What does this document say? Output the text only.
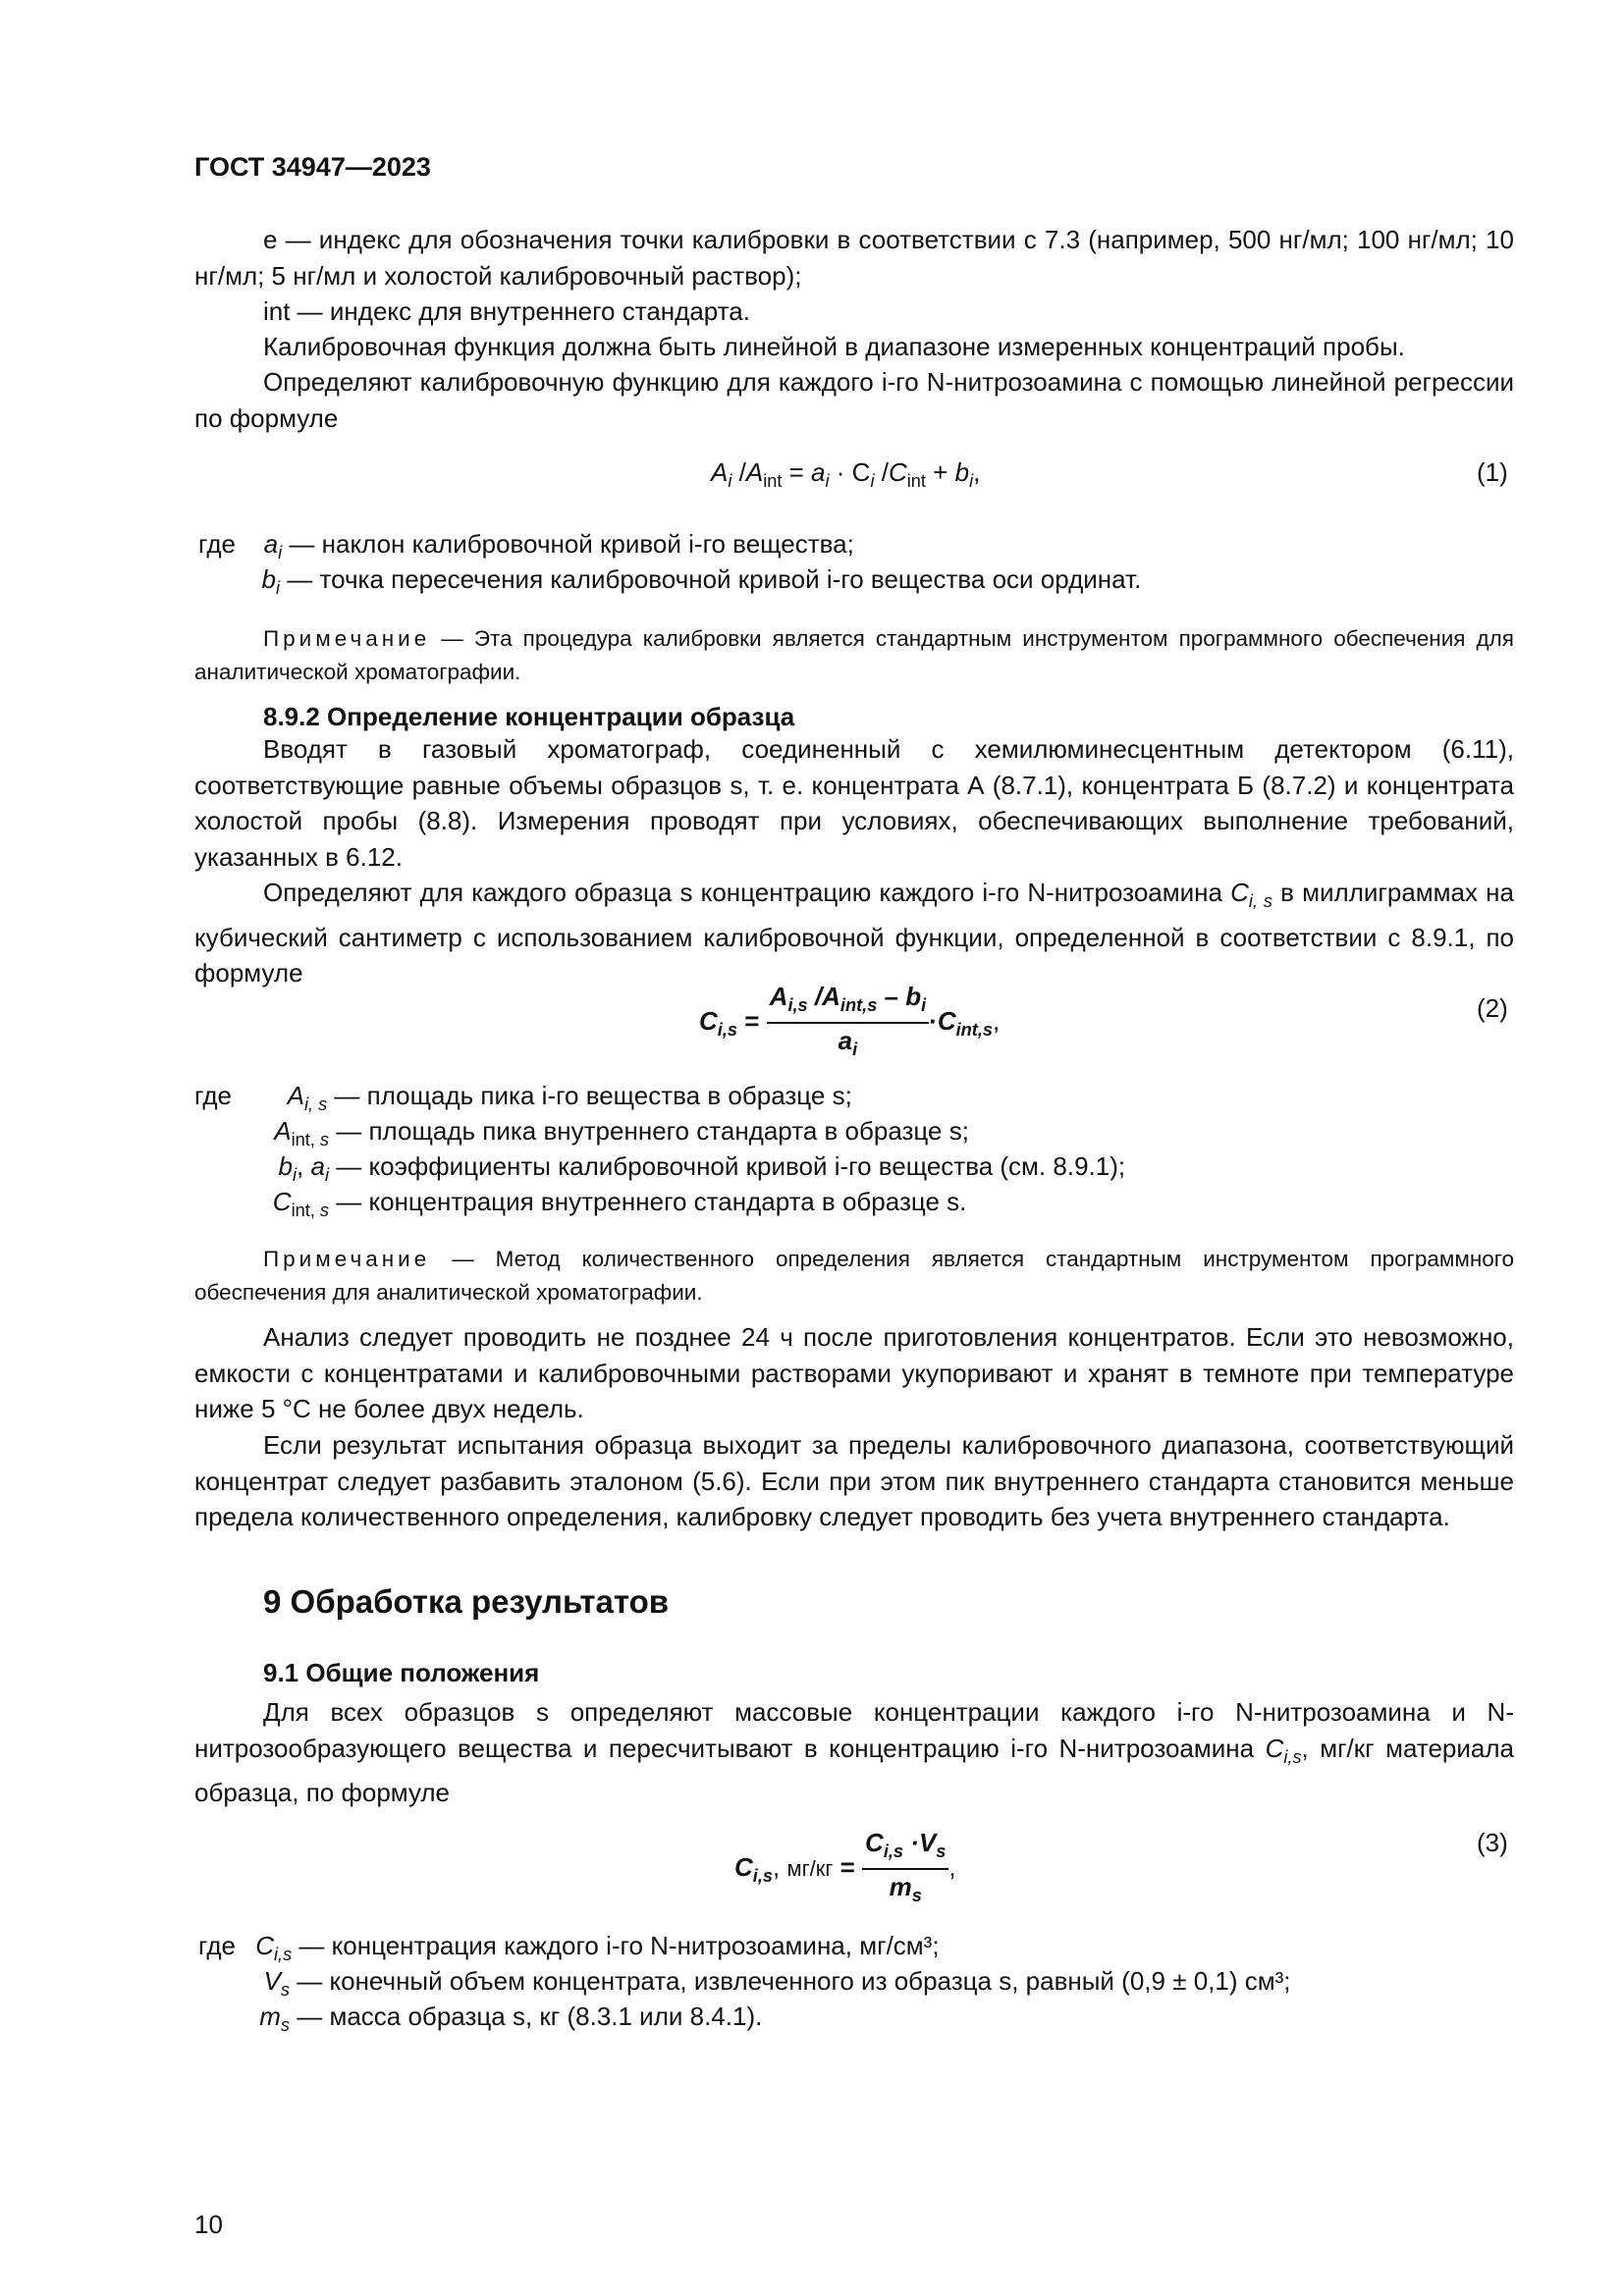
ГОСТ 34947—2023

e — индекс для обозначения точки калибровки в соответствии с 7.3 (например, 500 нг/мл; 100 нг/мл; 10 нг/мл; 5 нг/мл и холостой калибровочный раствор);

int — индекс для внутреннего стандарта.

Калибровочная функция должна быть линейной в диапазоне измеренных концентраций пробы.

Определяют калибровочную функцию для каждого i-го N-нитрозоамина с помощью линейной регрессии по формуле

$A_i$ $/A_{int} = a_i \cdot C_i$ $/C_{int} + b_i$,	(1)
где $a_i$ — наклон калибровочной кривой i-го вещества;
$b_i$ — точка пересечения калибровочной кривой i-го вещества оси ординат.

Примечание — Эта процедура калибровки является стандартным инструментом программного обеспечения для аналитической хроматографии.

8.9.2 Определение концентрации образца

Вводят в газовый хроматограф, соединенный с хемилюминесцентным детектором (6.11), соответствующие равные объемы образцов s, т. е. концентрата А (8.7.1), концентрата Б (8.7.2) и концентрата холостой пробы (8.8). Измерения проводят при условиях, обеспечивающих выполнение требований, указанных в 6.12.

Определяют для каждого образца s концентрацию каждого i-го N-нитрозоамина $C_{i, s}$ в миллиграммах на кубический сантиметр с использованием калибровочной функции, определенной в соответствии с 8.9.1, по формуле

$C_{i,s} = \frac{A_{i,s} /A_{int,s} - b_i}{a_i} \cdot C_{int,s}$,	(2)
где $A_{i, s}$ — площадь пика i-го вещества в образце s;
$A_{int, s}$ — площадь пика внутреннего стандарта в образце s;
$b_i$, $a_i$ — коэффициенты калибровочной кривой i-го вещества (см. 8.9.1);
$C_{int, s}$ — концентрация внутреннего стандарта в образце s.

Примечание — Метод количественного определения является стандартным инструментом программного обеспечения для аналитической хроматографии.

Анализ следует проводить не позднее 24 ч после приготовления концентратов. Если это невозможно, емкости с концентратами и калибровочными растворами укупоривают и хранят в темноте при температуре ниже 5 °С не более двух недель.

Если результат испытания образца выходит за пределы калибровочного диапазона, соответствующий концентрат следует разбавить эталоном (5.6). Если при этом пик внутреннего стандарта становится меньше предела количественного определения, калибровку следует проводить без учета внутреннего стандарта.

9 Обработка результатов

9.1 Общие положения

Для всех образцов s определяют массовые концентрации каждого i-го N-нитрозоамина и N-нитрозообразующего вещества и пересчитывают в концентрацию i-го N-нитрозоамина $C_{i,s}$, мг/кг материала образца, по формуле

$C_{i,s}$, $мг/кг = \frac{C_{i,s} \cdot V_s}{m_s}$ ,
(3)
где $C_{i,s}$ — концентрация каждого i-го N-нитрозоамина, мг/см³;
$V_s$ — конечный объем концентрата, извлеченного из образца s, равный (0,9 ± 0,1) см³;
$m_s$ — масса образца s, кг (8.3.1 или 8.4.1).
10
